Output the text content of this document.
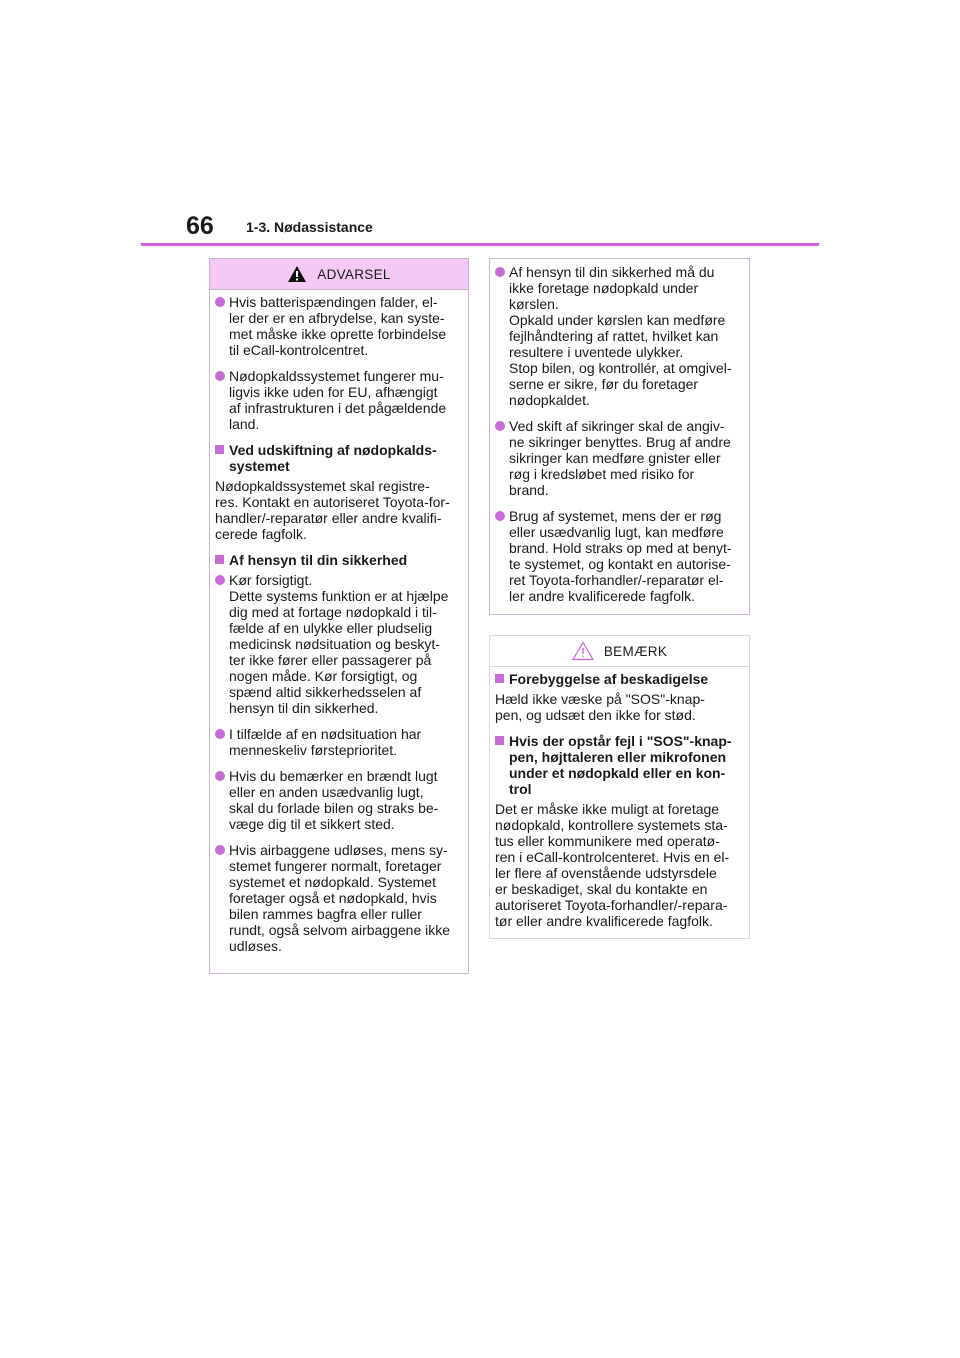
66 1-3. Nødassistance
ADVARSEL
Hvis batterispændingen falder, el-
ler der er en afbrydelse, kan syste-
met måske ikke oprette forbindelse
til eCall-kontrolcentret.
Nødopkaldssystemet fungerer mu-
ligvis ikke uden for EU, afhængigt
af infrastrukturen i det pågældende
land.
Ved udskiftning af nødopkalds-
systemet
Nødopkaldssystemet skal registre-
res. Kontakt en autoriseret Toyota-for-
handler/-reparatør eller andre kvalifi-
cerede fagfolk.
Af hensyn til din sikkerhed
Kør forsigtigt.
Dette systems funktion er at hjælpe
dig med at fortage nødopkald i til-
fælde af en ulykke eller pludselig
medicinsk nødsituation og beskyt-
ter ikke fører eller passagerer på
nogen måde. Kør forsigtigt, og
spænd altid sikkerhedsselen af
hensyn til din sikkerhed.
I tilfælde af en nødsituation har
menneskeliv førsteprioritet.
Hvis du bemærker en brændt lugt
eller en anden usædvanlig lugt,
skal du forlade bilen og straks be-
væge dig til et sikkert sted.
Hvis airbaggene udløses, mens sy-
stemet fungerer normalt, foretager
systemet et nødopkald. Systemet
foretager også et nødopkald, hvis
bilen rammes bagfra eller ruller
rundt, også selvom airbaggene ikke
udløses.
Af hensyn til din sikkerhed må du
ikke foretage nødopkald under
kørslen.
Opkald under kørslen kan medføre
fejlhåndtering af rattet, hvilket kan
resultere i uventede ulykker.
Stop bilen, og kontrollér, at omgivel-
serne er sikre, før du foretager
nødopkaldet.
Ved skift af sikringer skal de angiv-
ne sikringer benyttes. Brug af andre
sikringer kan medføre gnister eller
røg i kredsløbet med risiko for
brand.
Brug af systemet, mens der er røg
eller usædvanlig lugt, kan medføre
brand. Hold straks op med at benyt-
te systemet, og kontakt en autorise-
ret Toyota-forhandler/-reparatør el-
ler andre kvalificerede fagfolk.
BEMÆRK
Forebyggelse af beskadigelse
Hæld ikke væske på "SOS"-knap-
pen, og udsæt den ikke for stød.
Hvis der opstår fejl i "SOS"-knap-
pen, højttaleren eller mikrofonen
under et nødopkald eller en kon-
trol
Det er måske ikke muligt at foretage
nødopkald, kontrollere systemets sta-
tus eller kommunikere med operatø-
ren i eCall-kontrolcenteret. Hvis en el-
ler flere af ovenstående udstyrsdele
er beskadiget, skal du kontakte en
autoriseret Toyota-forhandler/-repara-
tør eller andre kvalificerede fagfolk.
